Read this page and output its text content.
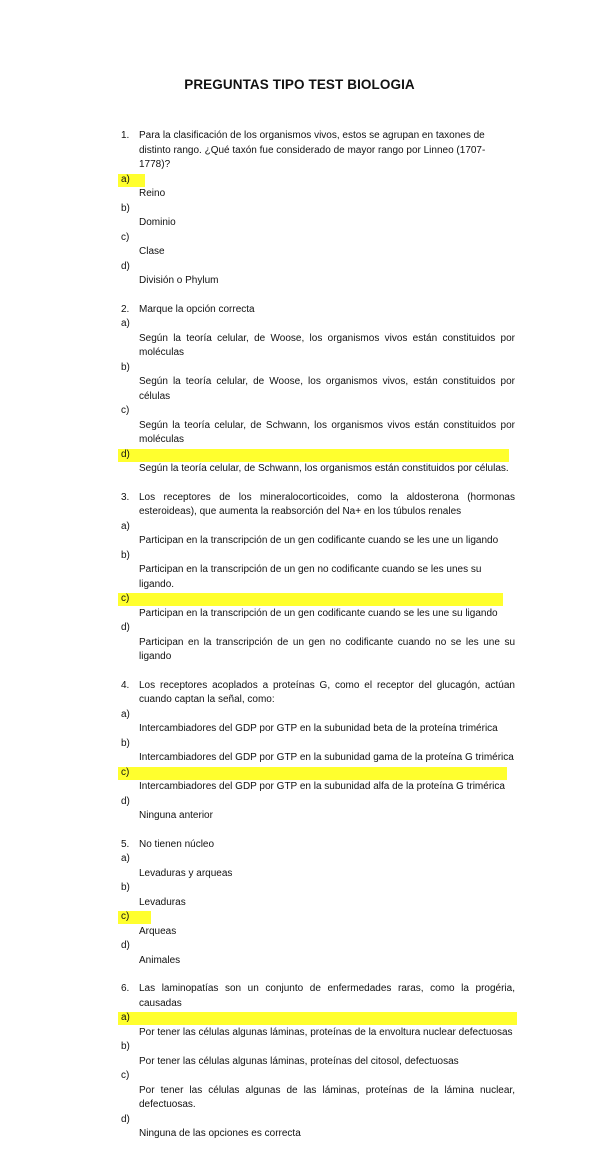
PREGUNTAS TIPO TEST BIOLOGIA
1. Para la clasificación de los organismos vivos, estos se agrupan en taxones de distinto rango. ¿Qué taxón fue considerado de mayor rango por Linneo (1707-1778)?
a)
Reino
b)
Dominio
c)
Clase
d)
División o Phylum
2. Marque la opción correcta
a)
Según la teoría celular, de Woose, los organismos vivos están constituidos por moléculas
b)
Según la teoría celular, de Woose, los organismos vivos, están constituidos por células
c)
Según la teoría celular, de Schwann, los organismos vivos están constituidos por moléculas
d)
Según la teoría celular, de Schwann, los organismos están constituidos por células.
3. Los receptores de los mineralocorticoides, como la aldosterona (hormonas esteroideas), que aumenta la reabsorción del Na+ en los túbulos renales
a)
Participan en la transcripción de un gen codificante cuando se les une un ligando
b)
Participan en la transcripción de un gen no codificante cuando se les unes su ligando.
c)
Participan en la transcripción de un gen codificante cuando se les une su ligando
d)
Participan en la transcripción de un gen no codificante cuando no se les une su ligando
4. Los receptores acoplados a proteínas G, como el receptor del glucagón, actúan cuando captan la señal, como:
a)
Intercambiadores del GDP por GTP en la subunidad beta de la proteína trimérica
b)
Intercambiadores del GDP por GTP en la subunidad gama de la proteína G trimérica
c)
Intercambiadores del GDP por GTP en la subunidad alfa de la proteína G trimérica
d)
Ninguna anterior
5. No tienen núcleo
a)
Levaduras y arqueas
b)
Levaduras
c)
Arqueas
d)
Animales
6. Las laminopatías son un conjunto de enfermedades raras, como la progéria, causadas
a)
Por tener las células algunas láminas, proteínas de la envoltura nuclear defectuosas
b)
Por tener las células algunas láminas, proteínas del citosol, defectuosas
c)
Por tener las células algunas de las láminas, proteínas de la lámina nuclear, defectuosas.
d)
Ninguna de las opciones es correcta
